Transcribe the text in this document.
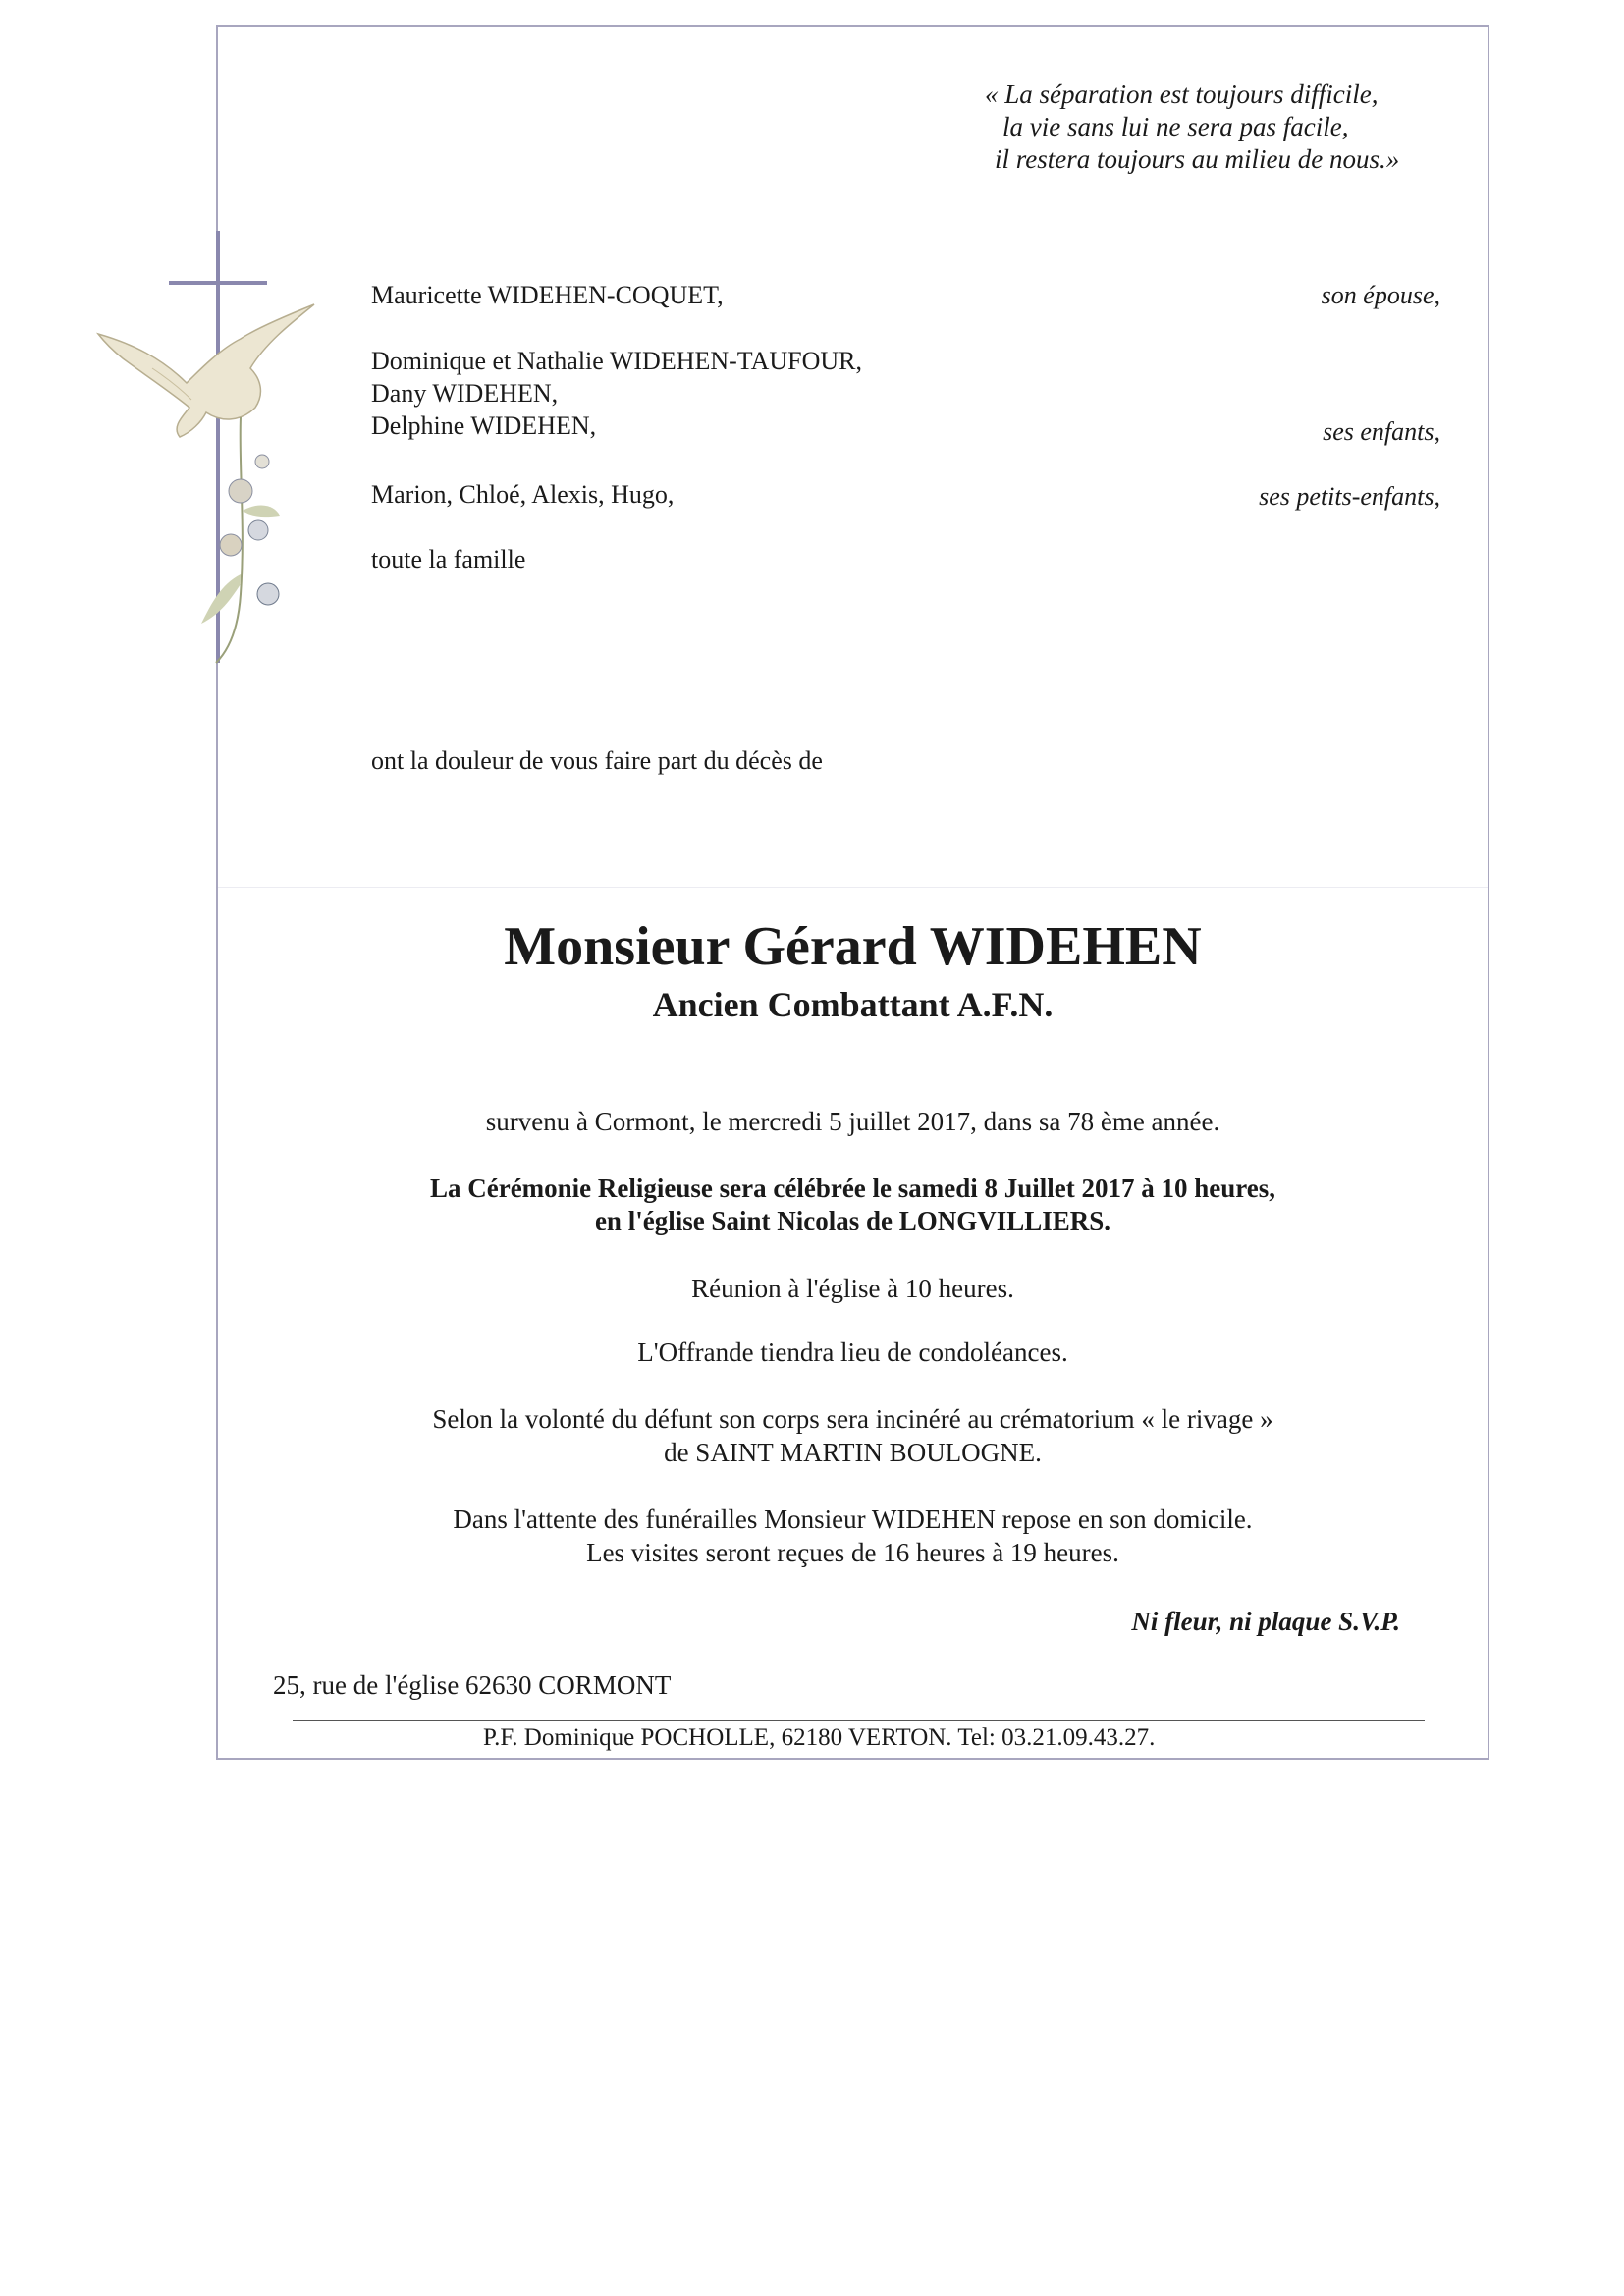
« La séparation est toujours difficile,
la vie sans lui ne sera pas facile,
il restera toujours au milieu de nous.»
Mauricette WIDEHEN-COQUET,	son épouse,
Dominique et Nathalie WIDEHEN-TAUFOUR,
Dany WIDEHEN,
Delphine WIDEHEN,	ses enfants,
Marion, Chloé, Alexis, Hugo,	ses petits-enfants,
toute la famille
ont la douleur de vous faire part du décès de
Monsieur Gérard WIDEHEN
Ancien Combattant A.F.N.
survenu à Cormont, le mercredi 5 juillet 2017, dans sa 78 ème année.
La Cérémonie Religieuse sera célébrée le samedi 8 Juillet 2017 à 10 heures,
en l'église Saint Nicolas de LONGVILLIERS.
Réunion à l'église à 10 heures.
L'Offrande tiendra lieu de condoléances.
Selon la volonté du défunt son corps sera incinéré au crématorium « le rivage »
de SAINT MARTIN BOULOGNE.
Dans l'attente des funérailles Monsieur WIDEHEN repose en son domicile.
Les visites seront reçues de 16 heures à 19 heures.
Ni fleur, ni plaque S.V.P.
25, rue de l'église 62630 CORMONT
P.F. Dominique POCHOLLE, 62180 VERTON. Tel: 03.21.09.43.27.
